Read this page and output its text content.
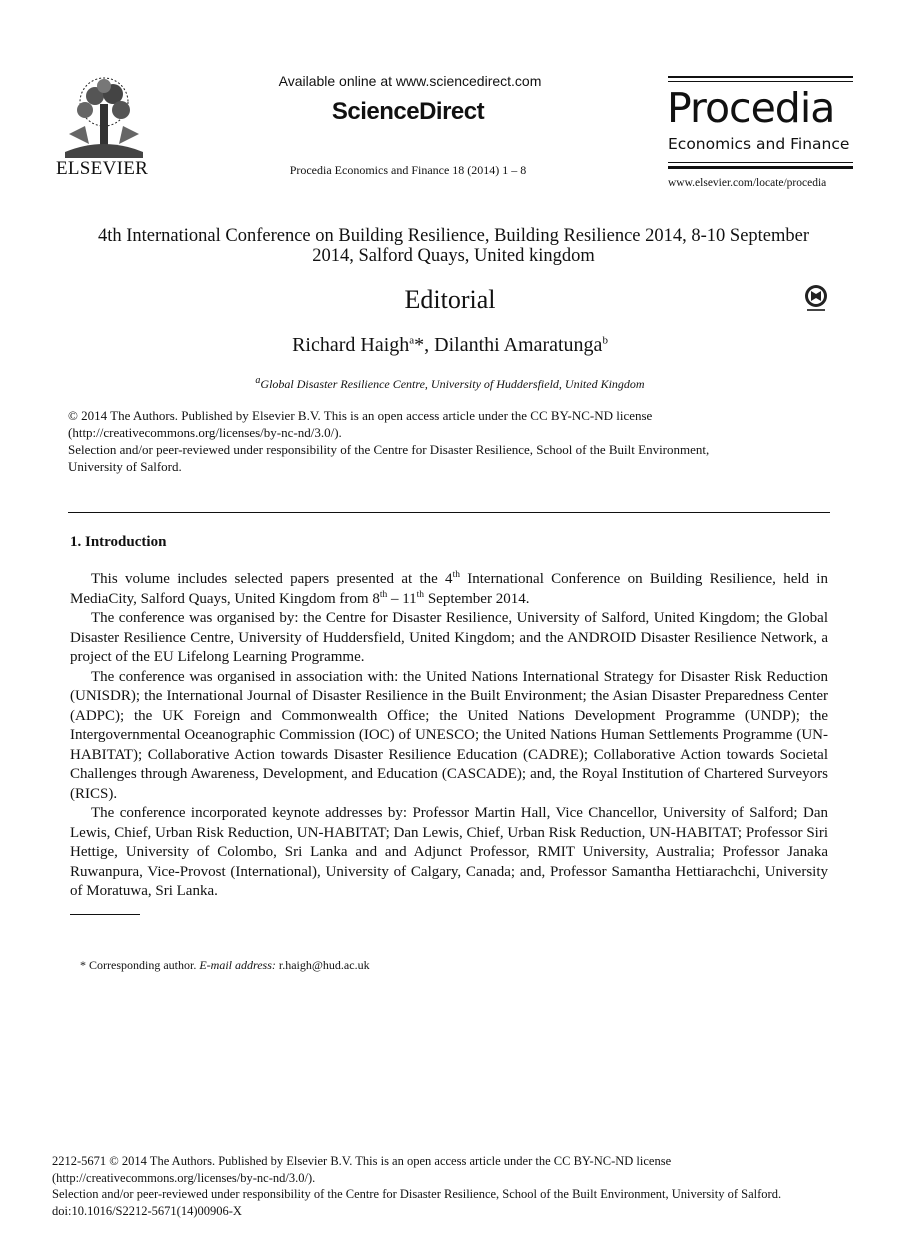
ELSEVIER
Available online at www.sciencedirect.com
ScienceDirect
Procedia Economics and Finance 18 (2014) 1 – 8
Procedia
Economics and Finance
www.elsevier.com/locate/procedia
4th International Conference on Building Resilience, Building Resilience 2014, 8-10 September
2014, Salford Quays, United kingdom
Editorial
Richard Haigh$^a$*, Dilanthi Amaratunga$^b$
$^a$Global Disaster Resilience Centre, University of Huddersfield, United Kingdom
© 2014 The Authors. Published by Elsevier B.V. This is an open access article under the CC BY-NC-ND license
(http://creativecommons.org/licenses/by-nc-nd/3.0/).
Selection and/or peer-reviewed under responsibility of the Centre for Disaster Resilience, School of the Built Environment,
University of Salford.
1. Introduction

This volume includes selected papers presented at the 4th International Conference on Building Resilience, held in MediaCity, Salford Quays, United Kingdom from 8th – 11th September 2014.

The conference was organised by: the Centre for Disaster Resilience, University of Salford, United Kingdom; the Global Disaster Resilience Centre, University of Huddersfield, United Kingdom; and the ANDROID Disaster Resilience Network, a project of the EU Lifelong Learning Programme.

The conference was organised in association with: the United Nations International Strategy for Disaster Risk Reduction (UNISDR); the International Journal of Disaster Resilience in the Built Environment; the Asian Disaster Preparedness Center (ADPC); the UK Foreign and Commonwealth Office; the United Nations Development Programme (UNDP); the Intergovernmental Oceanographic Commission (IOC) of UNESCO; the United Nations Human Settlements Programme (UN-HABITAT); Collaborative Action towards Disaster Resilience Education (CADRE); Collaborative Action towards Societal Challenges through Awareness, Development, and Education (CASCADE); and, the Royal Institution of Chartered Surveyors (RICS).

The conference incorporated keynote addresses by: Professor Martin Hall, Vice Chancellor, University of Salford; Dan Lewis, Chief, Urban Risk Reduction, UN-HABITAT; Dan Lewis, Chief, Urban Risk Reduction, UN-HABITAT; Professor Siri Hettige, University of Colombo, Sri Lanka and and Adjunct Professor, RMIT University, Australia; Professor Janaka Ruwanpura, Vice-Provost (International), University of Calgary, Canada; and, Professor Samantha Hettiarachchi, University of Moratuwa, Sri Lanka.

* Corresponding author. E-mail address: r.haigh@hud.ac.uk
2212-5671 © 2014 The Authors. Published by Elsevier B.V. This is an open access article under the CC BY-NC-ND license
(http://creativecommons.org/licenses/by-nc-nd/3.0/).
Selection and/or peer-reviewed under responsibility of the Centre for Disaster Resilience, School of the Built Environment, University of Salford.
doi:10.1016/S2212-5671(14)00906-X
